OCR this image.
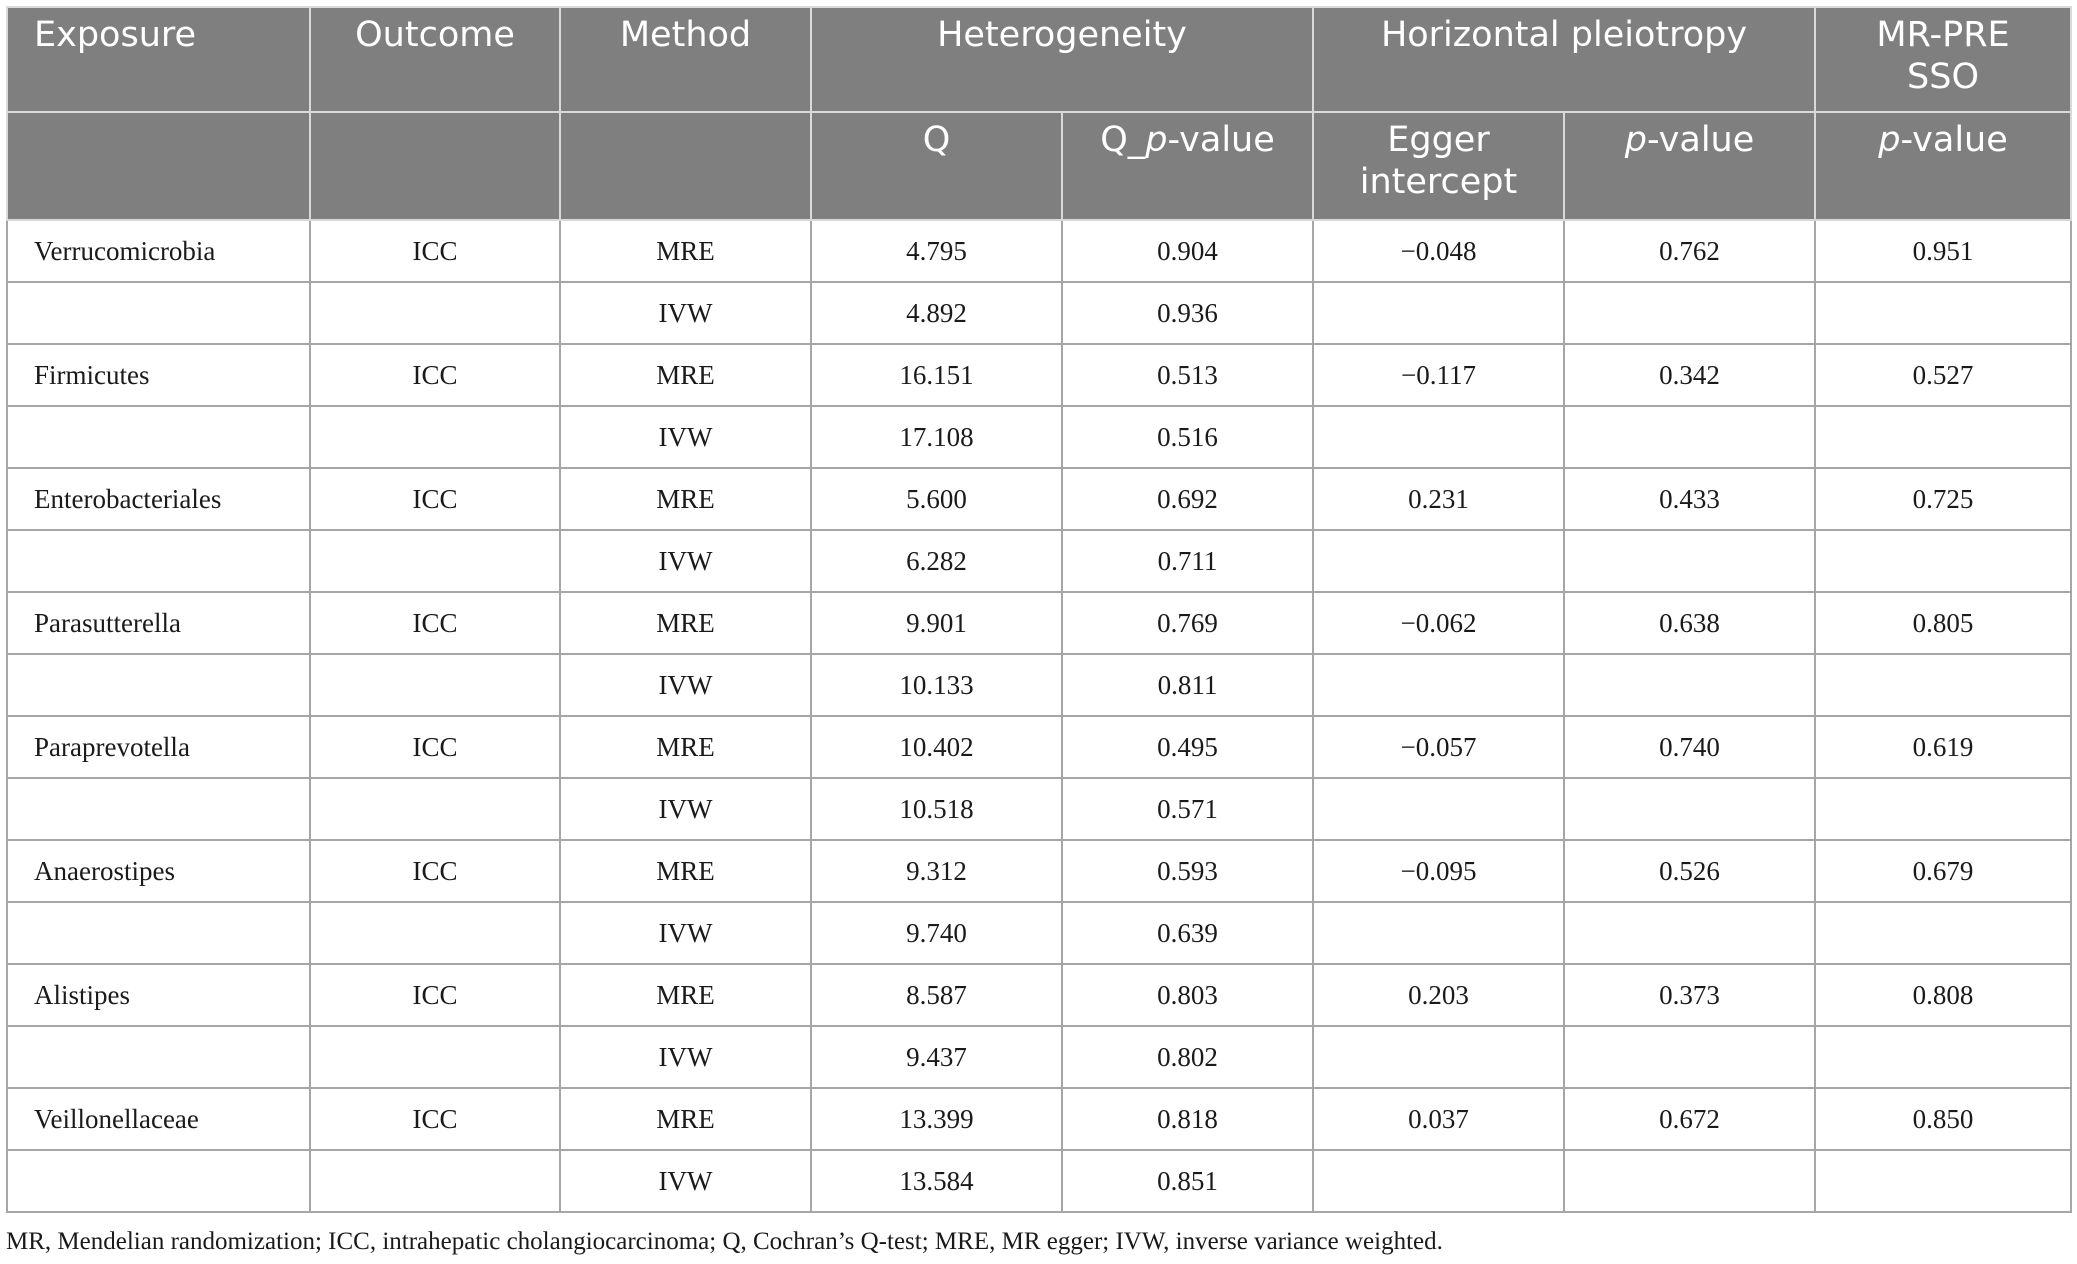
Exposure	Outcome	Method	Heterogeneity		Horizontal pleiotropy		MR-PRESSO
			Q	Q_p-value	Egger intercept	p-value	p-value
Verrucomicrobia	ICC	MRE	4.795	0.904	−0.048	0.762	0.951
		IVW	4.892	0.936			
Firmicutes	ICC	MRE	16.151	0.513	−0.117	0.342	0.527
		IVW	17.108	0.516			
Enterobacteriales	ICC	MRE	5.600	0.692	0.231	0.433	0.725
		IVW	6.282	0.711			
Parasutterella	ICC	MRE	9.901	0.769	−0.062	0.638	0.805
		IVW	10.133	0.811			
Paraprevotella	ICC	MRE	10.402	0.495	−0.057	0.740	0.619
		IVW	10.518	0.571			
Anaerostipes	ICC	MRE	9.312	0.593	−0.095	0.526	0.679
		IVW	9.740	0.639			
Alistipes	ICC	MRE	8.587	0.803	0.203	0.373	0.808
		IVW	9.437	0.802			
Veillonellaceae	ICC	MRE	13.399	0.818	0.037	0.672	0.850
		IVW	13.584	0.851			
MR, Mendelian randomization; ICC, intrahepatic cholangiocarcinoma; Q, Cochran’s Q-test; MRE, MR egger; IVW, inverse variance weighted.
